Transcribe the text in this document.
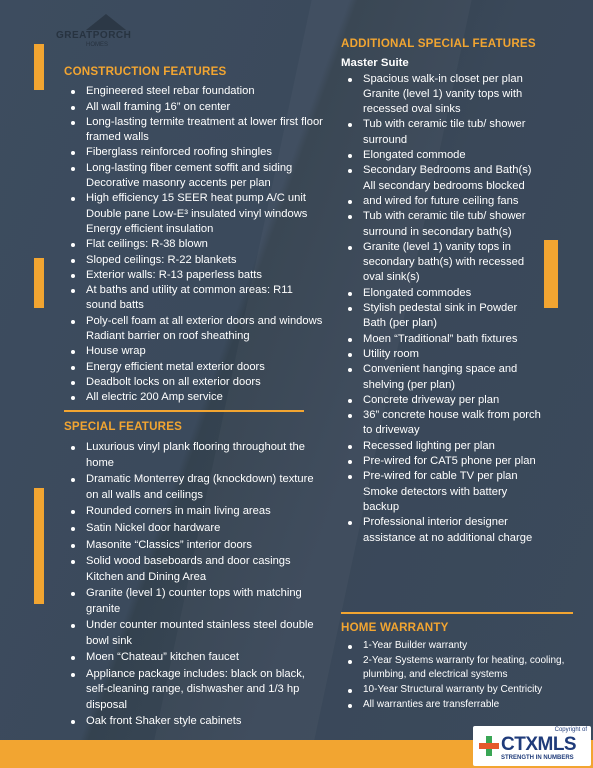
GREATPORCH
HOMES

CONSTRUCTION FEATURES

Engineered steel rebar foundation
All wall framing 16” on center
Long-lasting termite treatment at lower first floor framed walls
Fiberglass reinforced roofing shingles
Long-lasting fiber cement soffit and siding Decorative masonry accents per plan
High efficiency 15 SEER heat pump A/C unit Double pane Low-E³ insulated vinyl windows Energy efficient insulation
Flat ceilings: R-38 blown
Sloped ceilings: R-22 blankets
Exterior walls: R-13 paperless batts
At baths and utility at common areas: R11 sound batts
Poly-cell foam at all exterior doors and windows Radiant barrier on roof sheathing
House wrap
Energy efficient metal exterior doors
Deadbolt locks on all exterior doors
All electric 200 Amp service

SPECIAL FEATURES

Luxurious vinyl plank flooring throughout the home
Dramatic Monterrey drag (knockdown) texture on all walls and ceilings
Rounded corners in main living areas
Satin Nickel door hardware
Masonite “Classics” interior doors
Solid wood baseboards and door casings Kitchen and Dining Area
Granite (level 1) counter tops with matching granite
Under counter mounted stainless steel double bowl sink
Moen “Chateau” kitchen faucet
Appliance package includes: black on black, self-cleaning range, dishwasher and 1/3 hp disposal
Oak front Shaker style cabinets

ADDITIONAL SPECIAL FEATURES

Master Suite
Spacious walk-in closet per plan Granite (level 1) vanity tops with recessed oval sinks
Tub with ceramic tile tub/ shower surround
Elongated commode
Secondary Bedrooms and Bath(s) All secondary bedrooms blocked
and wired for future ceiling fans
Tub with ceramic tile tub/ shower surround in secondary bath(s)
Granite (level 1) vanity tops in secondary bath(s) with recessed oval sink(s)
Elongated commodes
Stylish pedestal sink in Powder Bath (per plan)
Moen “Traditional” bath fixtures
Utility room
Convenient hanging space and shelving (per plan)
Concrete driveway per plan
36” concrete house walk from porch to driveway
Recessed lighting per plan
Pre-wired for CAT5 phone per plan
Pre-wired for cable TV per plan Smoke detectors with battery backup
Professional interior designer assistance at no additional charge

HOME WARRANTY

1-Year Builder warranty
2-Year Systems warranty for heating, cooling, plumbing, and electrical systems
10-Year Structural warranty by Centricity
All warranties are transferrable
Copyright of
CTXMLS
STRENGTH IN NUMBERS
